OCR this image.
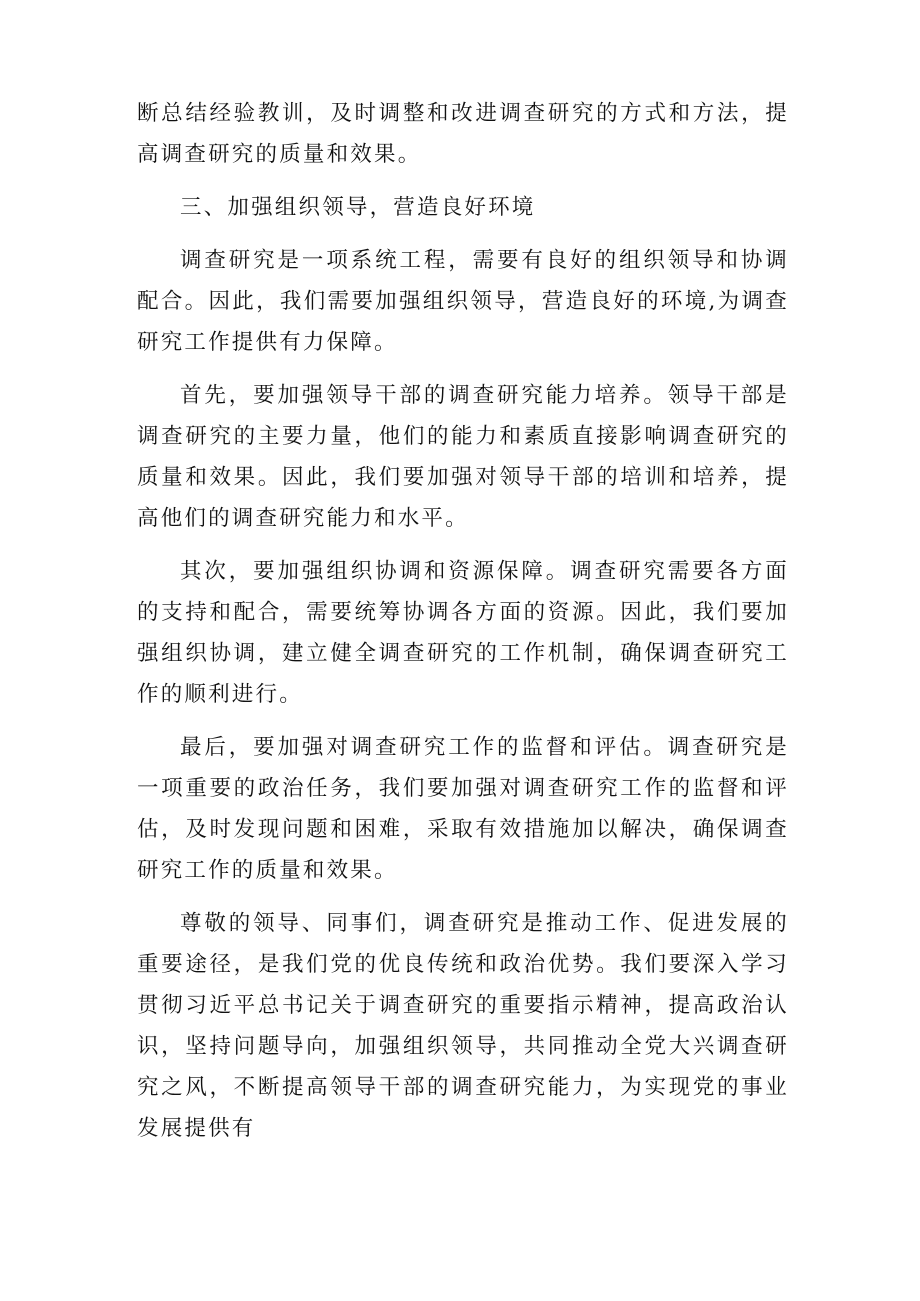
断总结经验教训，及时调整和改进调查研究的方式和方法，提高调查研究的质量和效果。

三、加强组织领导，营造良好环境

调查研究是一项系统工程，需要有良好的组织领导和协调配合。因此，我们需要加强组织领导，营造良好的环境,为调查研究工作提供有力保障。

首先，要加强领导干部的调查研究能力培养。领导干部是调查研究的主要力量，他们的能力和素质直接影响调查研究的质量和效果。因此，我们要加强对领导干部的培训和培养，提高他们的调查研究能力和水平。

其次，要加强组织协调和资源保障。调查研究需要各方面的支持和配合，需要统筹协调各方面的资源。因此，我们要加强组织协调，建立健全调查研究的工作机制，确保调查研究工作的顺利进行。

最后，要加强对调查研究工作的监督和评估。调查研究是一项重要的政治任务，我们要加强对调查研究工作的监督和评估，及时发现问题和困难，采取有效措施加以解决，确保调查研究工作的质量和效果。

尊敬的领导、同事们，调查研究是推动工作、促进发展的重要途径，是我们党的优良传统和政治优势。我们要深入学习贯彻习近平总书记关于调查研究的重要指示精神，提高政治认识，坚持问题导向，加强组织领导，共同推动全党大兴调查研究之风，不断提高领导干部的调查研究能力，为实现党的事业发展提供有
